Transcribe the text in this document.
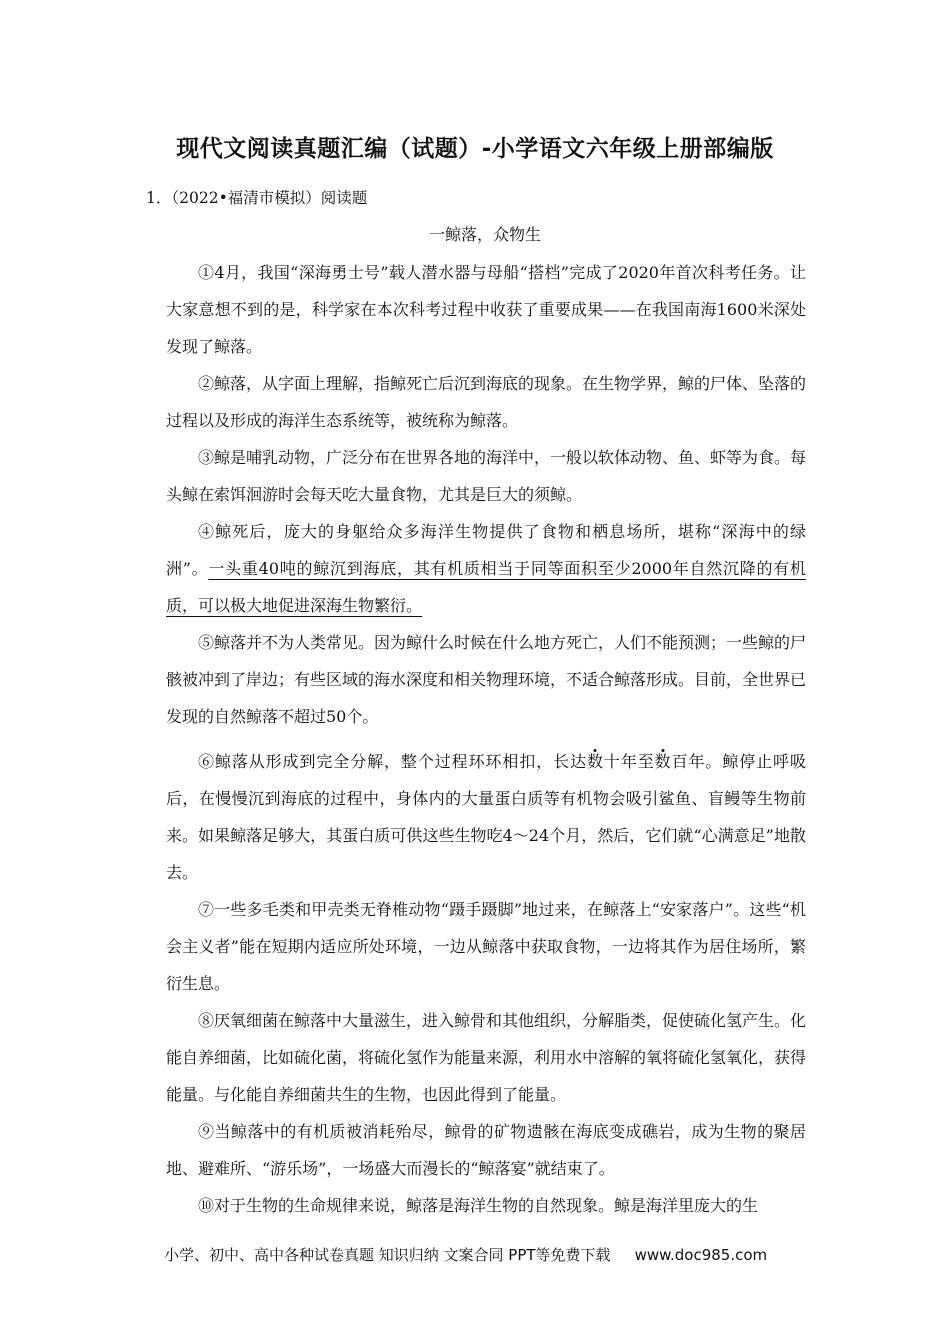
现代文阅读真题汇编（试题）-小学语文六年级上册部编版
1．（2022•福清市模拟）阅读题
一鲸落，众物生

①4月，我国“深海勇士号”载人潜水器与母船“搭档”完成了2020年首次科考任务。让大家意想不到的是，科学家在本次科考过程中收获了重要成果——在我国南海1600米深处发现了鲸落。

②鲸落，从字面上理解，指鲸死亡后沉到海底的现象。在生物学界，鲸的尸体、坠落的过程以及形成的海洋生态系统等，被统称为鲸落。

③鲸是哺乳动物，广泛分布在世界各地的海洋中，一般以软体动物、鱼、虾等为食。每头鲸在索饵洄游时会每天吃大量食物，尤其是巨大的须鲸。

④鲸死后，庞大的身躯给众多海洋生物提供了食物和栖息场所，堪称“深海中的绿洲”。一头重40吨的鲸沉到海底，其有机质相当于同等面积至少2000年自然沉降的有机质，可以极大地促进深海生物繁衍。

⑤鲸落并不为人类常见。因为鲸什么时候在什么地方死亡，人们不能预测；一些鲸的尸骸被冲到了岸边；有些区域的海水深度和相关物理环境，不适合鲸落形成。目前，全世界已发现的自然鲸落不超过50个。

⑥鲸落从形成到完全分解，整个过程环环相扣，长达数十年至数百年。鲸停止呼吸后，在慢慢沉到海底的过程中，身体内的大量蛋白质等有机物会吸引鲨鱼、盲鳗等生物前来。如果鲸落足够大，其蛋白质可供这些生物吃4～24个月，然后，它们就“心满意足”地散去。

⑦一些多毛类和甲壳类无脊椎动物“蹑手蹑脚”地过来，在鲸落上“安家落户”。这些“机会主义者”能在短期内适应所处环境，一边从鲸落中获取食物，一边将其作为居住场所，繁衍生息。

⑧厌氧细菌在鲸落中大量滋生，进入鲸骨和其他组织，分解脂类，促使硫化氢产生。化能自养细菌，比如硫化菌，将硫化氢作为能量来源，利用水中溶解的氧将硫化氢氧化，获得能量。与化能自养细菌共生的生物，也因此得到了能量。

⑨当鲸落中的有机质被消耗殆尽，鲸骨的矿物遗骸在海底变成礁岩，成为生物的聚居地、避难所、“游乐场”，一场盛大而漫长的“鲸落宴”就结束了。

⑩对于生物的生命规律来说，鲸落是海洋生物的自然现象。鲸是海洋里庞大的生

小学、初中、高中各种试卷真题 知识归纳 文案合同 PPT等免费下载 www.doc985.com
